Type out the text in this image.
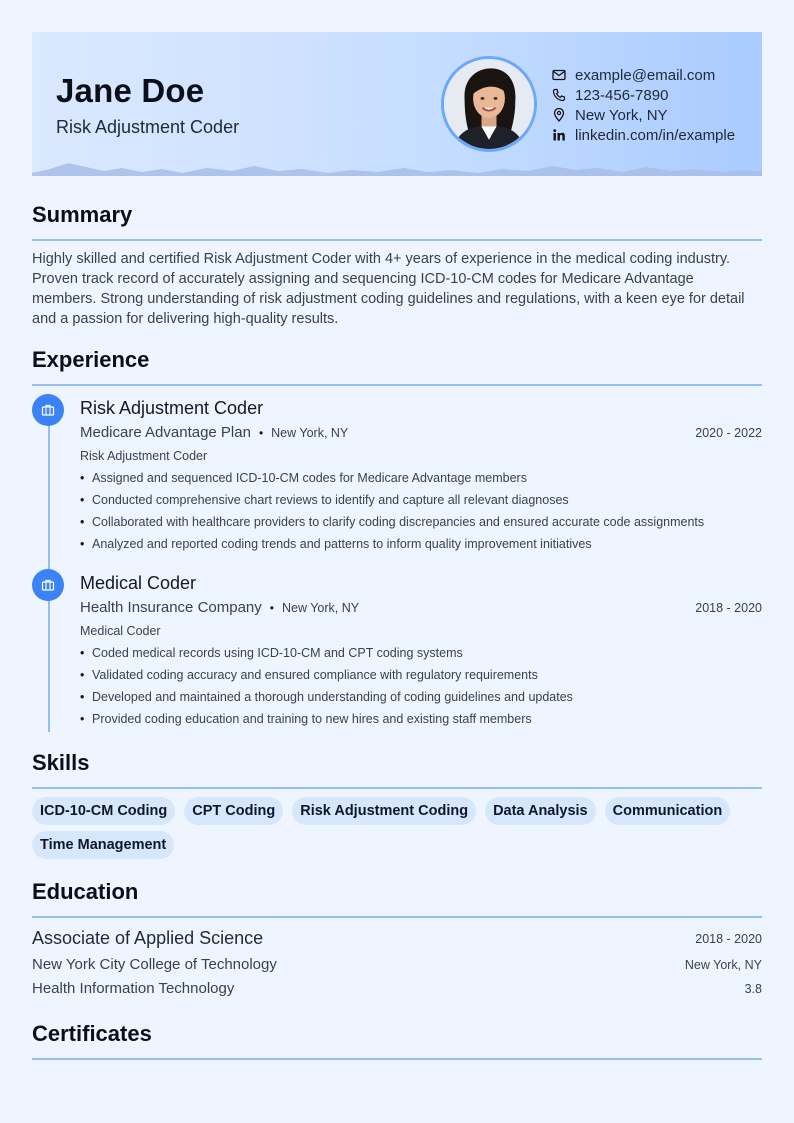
Jane Doe
Risk Adjustment Coder
example@email.com
123-456-7890
New York, NY
linkedin.com/in/example
Summary
Highly skilled and certified Risk Adjustment Coder with 4+ years of experience in the medical coding industry. Proven track record of accurately assigning and sequencing ICD-10-CM codes for Medicare Advantage members. Strong understanding of risk adjustment coding guidelines and regulations, with a keen eye for detail and a passion for delivering high-quality results.
Experience
Risk Adjustment Coder
Medicare Advantage Plan • New York, NY	2020 - 2022
Risk Adjustment Coder
• Assigned and sequenced ICD-10-CM codes for Medicare Advantage members
• Conducted comprehensive chart reviews to identify and capture all relevant diagnoses
• Collaborated with healthcare providers to clarify coding discrepancies and ensured accurate code assignments
• Analyzed and reported coding trends and patterns to inform quality improvement initiatives
Medical Coder
Health Insurance Company • New York, NY	2018 - 2020
Medical Coder
• Coded medical records using ICD-10-CM and CPT coding systems
• Validated coding accuracy and ensured compliance with regulatory requirements
• Developed and maintained a thorough understanding of coding guidelines and updates
• Provided coding education and training to new hires and existing staff members
Skills
ICD-10-CM Coding	CPT Coding	Risk Adjustment Coding	Data Analysis	Communication
Time Management
Education
Associate of Applied Science	2018 - 2020
New York City College of Technology	New York, NY
Health Information Technology	3.8
Certificates
